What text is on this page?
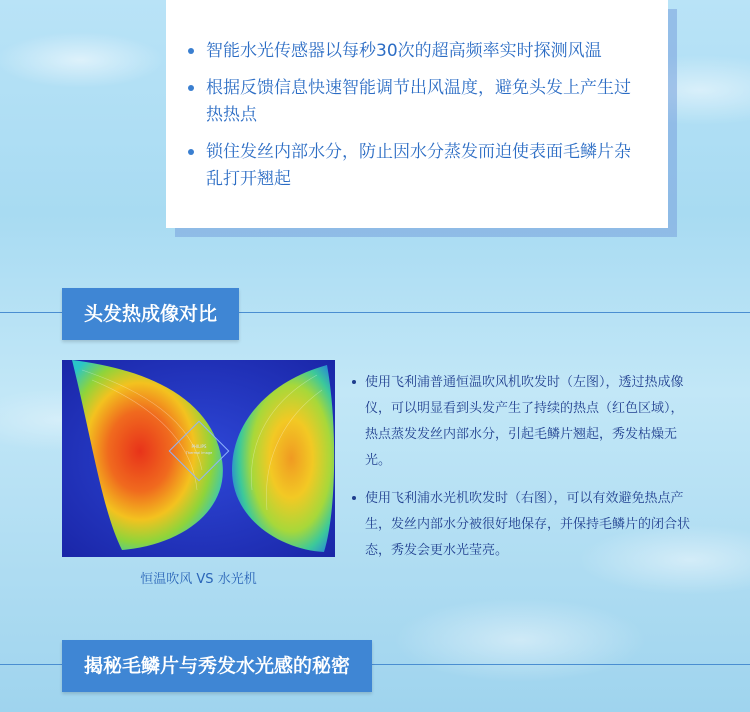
智能水光传感器以每秒30次的超高频率实时探测风温
根据反馈信息快速智能调节出风温度，避免头发上产生过热热点
锁住发丝内部水分，防止因水分蒸发而迫使表面毛鳞片杂乱打开翘起
头发热成像对比
PHILIPS
Thermal Image
恒温吹风 VS 水光机
使用飞利浦普通恒温吹风机吹发时（左图），透过热成像仪，可以明显看到头发产生了持续的热点（红色区域），热点蒸发发丝内部水分，引起毛鳞片翘起，秀发枯燥无光。
使用飞利浦水光机吹发时（右图），可以有效避免热点产生，发丝内部水分被很好地保存，并保持毛鳞片的闭合状态，秀发会更水光莹亮。
揭秘毛鳞片与秀发水光感的秘密
